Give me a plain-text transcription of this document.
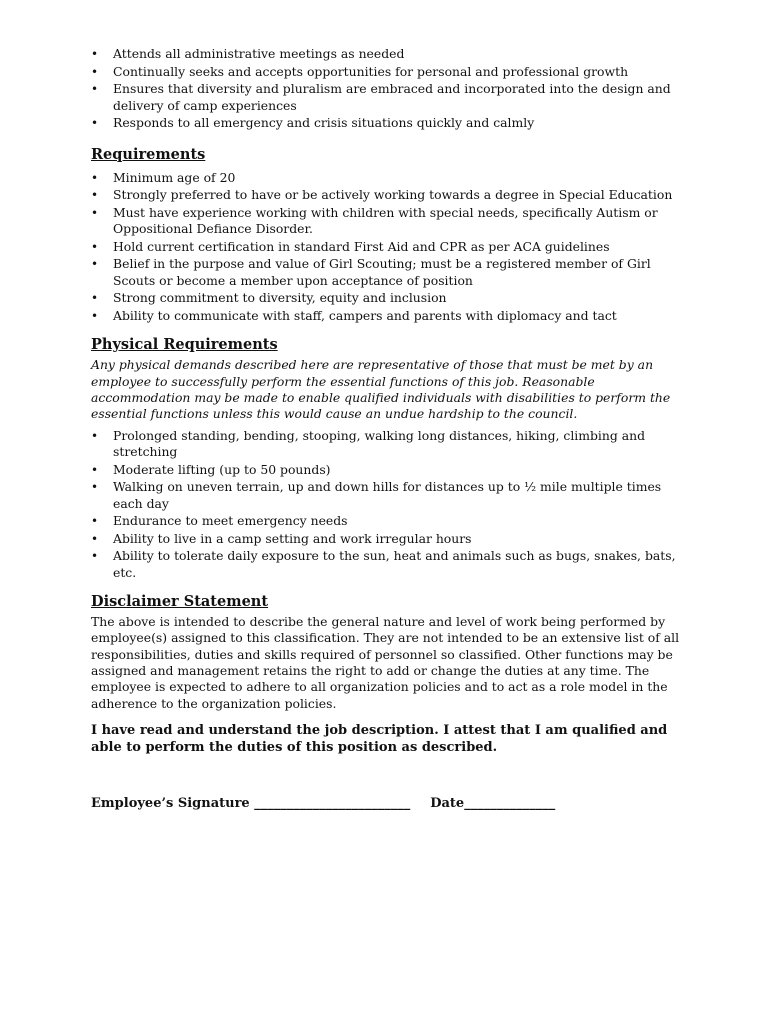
• Attends all administrative meetings as needed
• Continually seeks and accepts opportunities for personal and professional growth
• Ensures that diversity and pluralism are embraced and incorporated into the design and delivery of camp experiences
• Responds to all emergency and crisis situations quickly and calmly
Requirements
• Minimum age of 20
• Strongly preferred to have or be actively working towards a degree in Special Education
• Must have experience working with children with special needs, specifically Autism or Oppositional Defiance Disorder.
• Hold current certification in standard First Aid and CPR as per ACA guidelines
• Belief in the purpose and value of Girl Scouting; must be a registered member of Girl Scouts or become a member upon acceptance of position
• Strong commitment to diversity, equity and inclusion
• Ability to communicate with staff, campers and parents with diplomacy and tact
Physical Requirements

Any physical demands described here are representative of those that must be met by an employee to successfully perform the essential functions of this job. Reasonable accommodation may be made to enable qualified individuals with disabilities to perform the essential functions unless this would cause an undue hardship to the council.

• Prolonged standing, bending, stooping, walking long distances, hiking, climbing and stretching
• Moderate lifting (up to 50 pounds)
• Walking on uneven terrain, up and down hills for distances up to ½ mile multiple times each day
• Endurance to meet emergency needs
• Ability to live in a camp setting and work irregular hours
• Ability to tolerate daily exposure to the sun, heat and animals such as bugs, snakes, bats, etc.
Disclaimer Statement

The above is intended to describe the general nature and level of work being performed by employee(s) assigned to this classification. They are not intended to be an extensive list of all responsibilities, duties and skills required of personnel so classified. Other functions may be assigned and management retains the right to add or change the duties at any time. The employee is expected to adhere to all organization policies and to act as a role model in the adherence to the organization policies.

I have read and understand the job description. I attest that I am qualified and able to perform the duties of this position as described.

Employee’s Signature ________________________ Date______________
